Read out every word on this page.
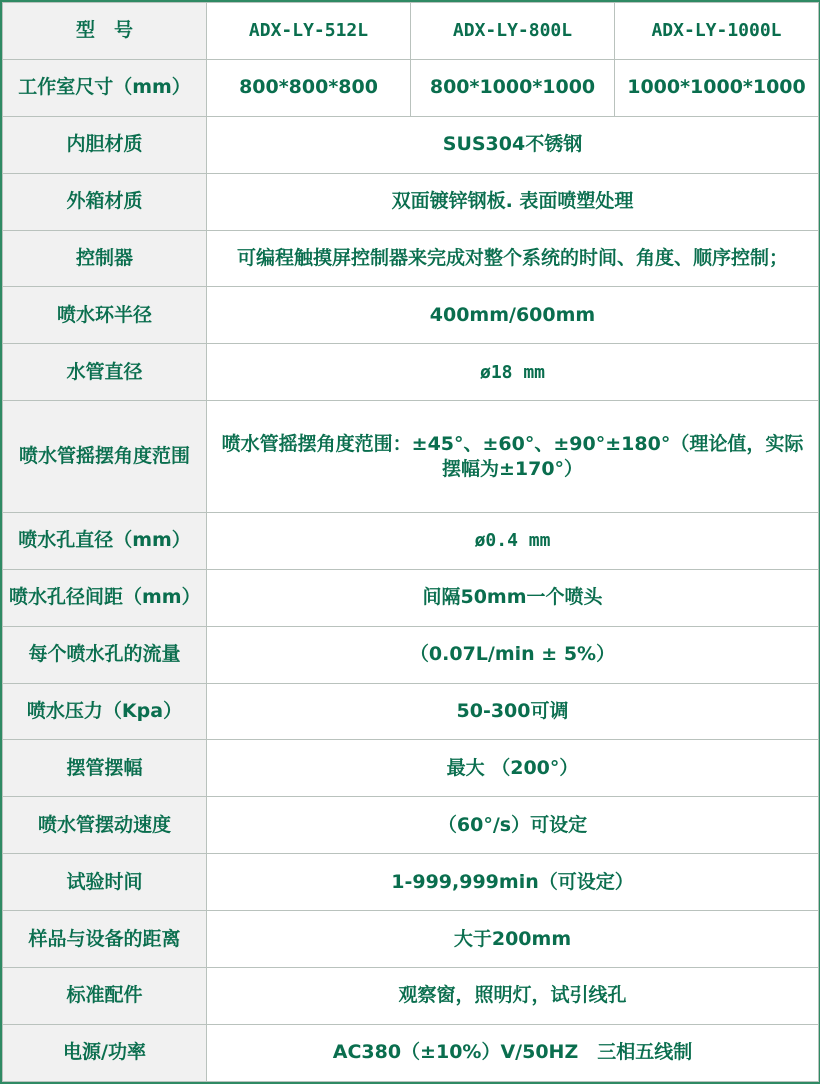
型　号	ADX-LY-512L	ADX-LY-800L	ADX-LY-1000L
工作室尺寸（mm）	800*800*800	800*1000*1000	1000*1000*1000
内胆材质	SUS304不锈钢		
外箱材质	双面镀锌钢板. 表面喷塑处理		
控制器	可编程触摸屏控制器来完成对整个系统的时间、角度、顺序控制；		
喷水环半径	400mm/600mm		
水管直径	ø18 mm		
喷水管摇摆角度范围	喷水管摇摆角度范围：±45°、±60°、±90°±180°（理论值，实际摆幅为±170°）		
喷水孔直径（mm）	ø0.4 mm		
喷水孔径间距（mm）	间隔50mm一个喷头		
每个喷水孔的流量	（0.07L/min ± 5%）		
喷水压力（Kpa）	50-300可调		
摆管摆幅	最大 （200°）		
喷水管摆动速度	（60°/s）可设定		
试验时间	1-999,999min（可设定）		
样品与设备的距离	大于200mm		
标准配件	观察窗，照明灯，试引线孔		
电源/功率	AC380（±10%）V/50HZ　三相五线制		
